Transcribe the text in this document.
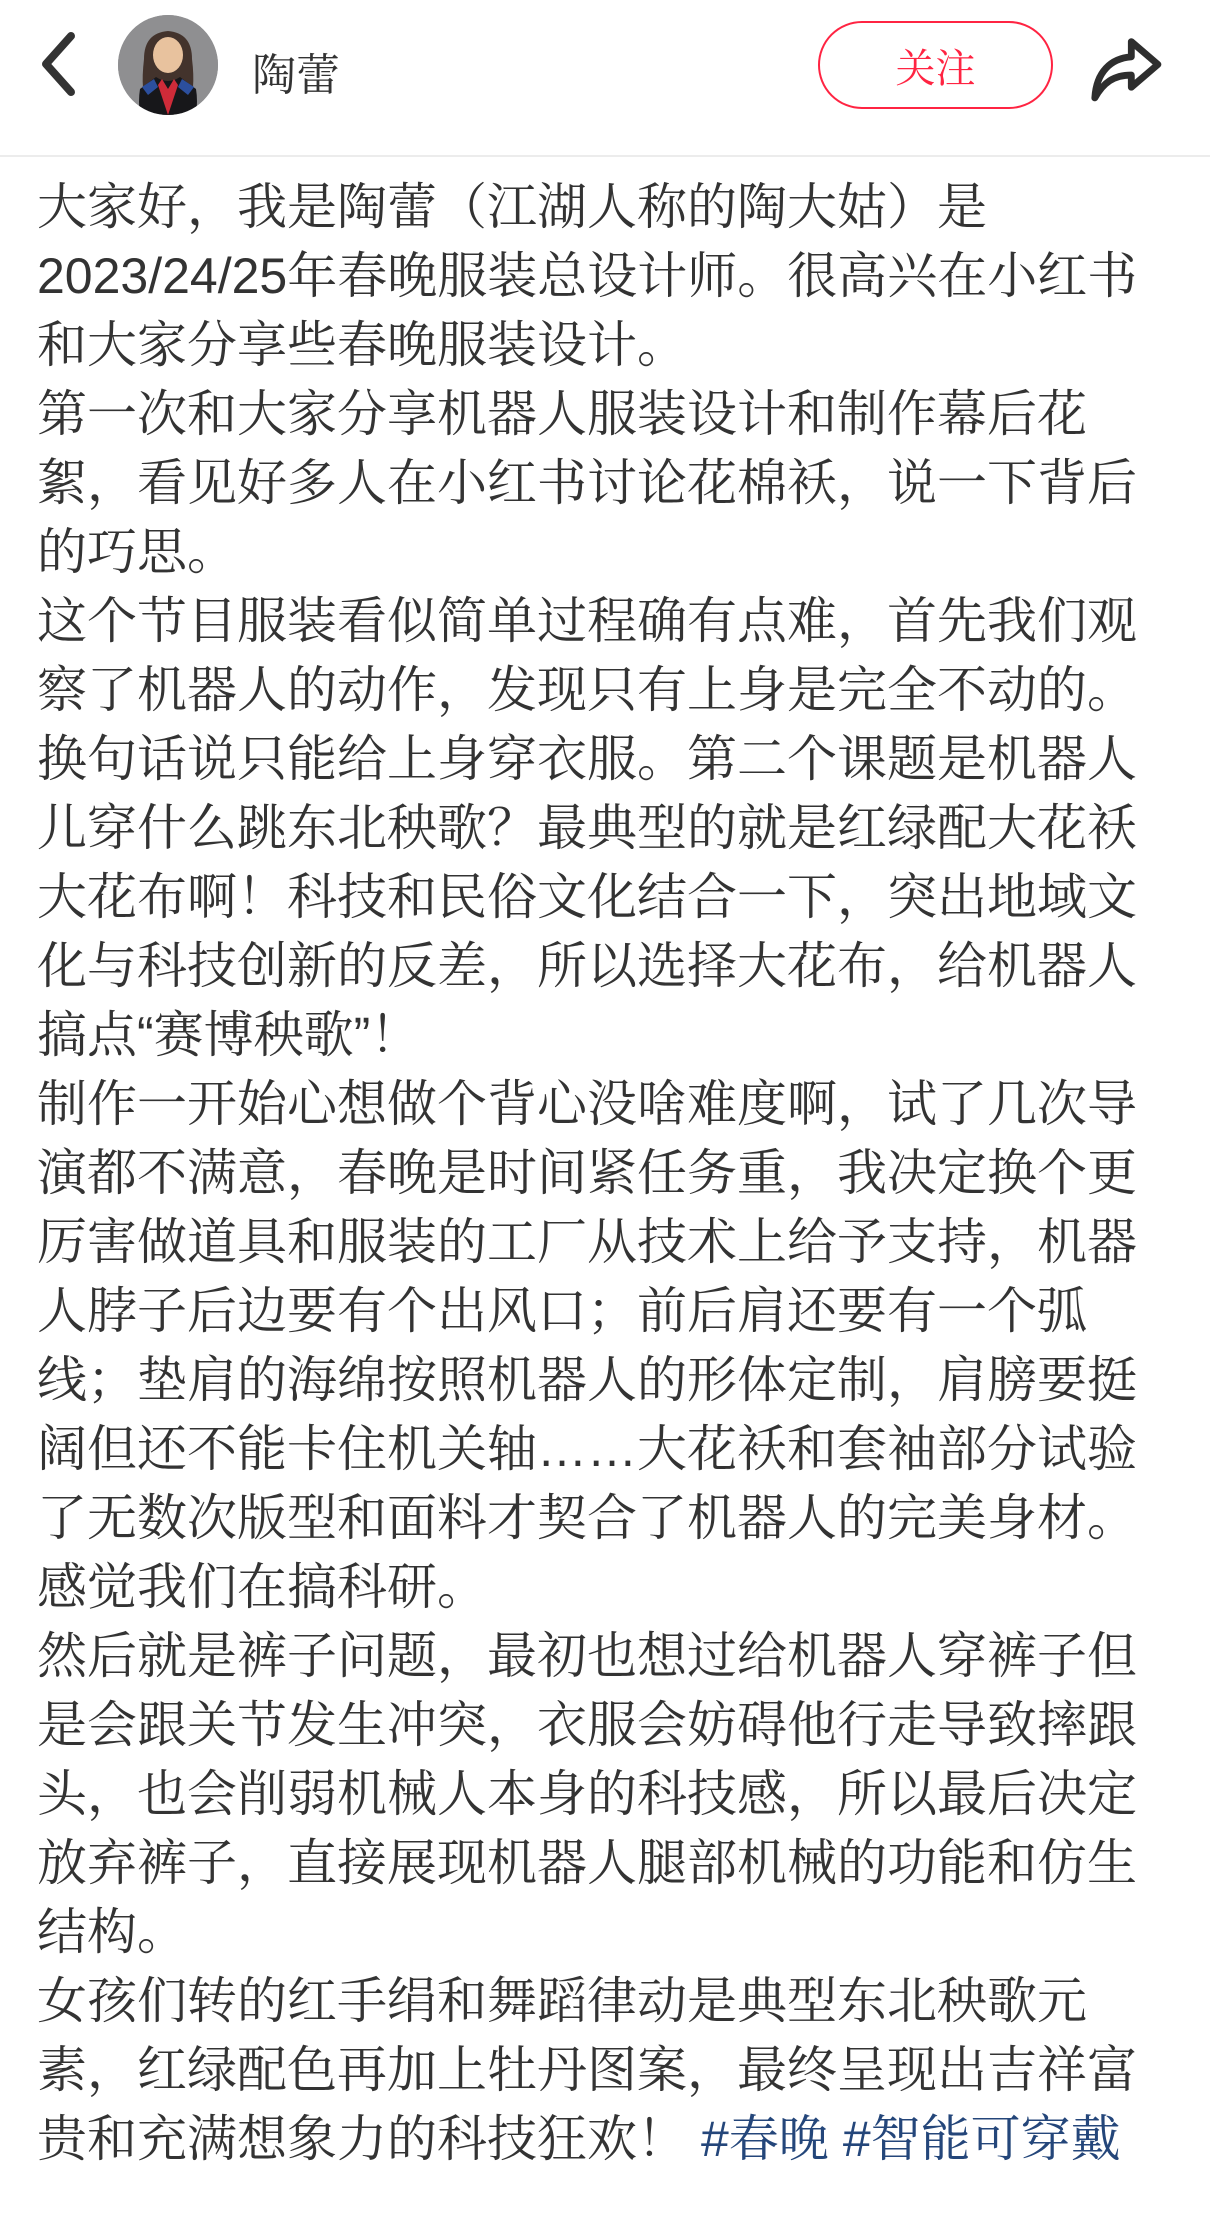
陶蕾	关注

大家好，我是陶蕾（江湖人称的陶大姑）是2023/24/25年春晚服装总设计师。很高兴在小红书和大家分享些春晚服装设计。

第一次和大家分享机器人服装设计和制作幕后花絮，看见好多人在小红书讨论花棉袄，说一下背后的巧思。

这个节目服装看似简单过程确有点难，首先我们观察了机器人的动作，发现只有上身是完全不动的。换句话说只能给上身穿衣服。第二个课题是机器人儿穿什么跳东北秧歌？最典型的就是红绿配大花袄大花布啊！科技和民俗文化结合一下，突出地域文化与科技创新的反差，所以选择大花布，给机器人搞点“赛博秧歌”！

制作一开始心想做个背心没啥难度啊，试了几次导演都不满意，春晚是时间紧任务重，我决定换个更厉害做道具和服装的工厂从技术上给予支持，机器人脖子后边要有个出风口；前后肩还要有一个弧线；垫肩的海绵按照机器人的形体定制，肩膀要挺阔但还不能卡住机关轴……大花袄和套袖部分试验了无数次版型和面料才契合了机器人的完美身材。感觉我们在搞科研。

然后就是裤子问题，最初也想过给机器人穿裤子但是会跟关节发生冲突，衣服会妨碍他行走导致摔跟头，也会削弱机械人本身的科技感，所以最后决定放弃裤子，直接展现机器人腿部机械的功能和仿生结构。

女孩们转的红手绢和舞蹈律动是典型东北秧歌元素，红绿配色再加上牡丹图案，最终呈现出吉祥富贵和充满想象力的科技狂欢！ #春晚 #智能可穿戴
